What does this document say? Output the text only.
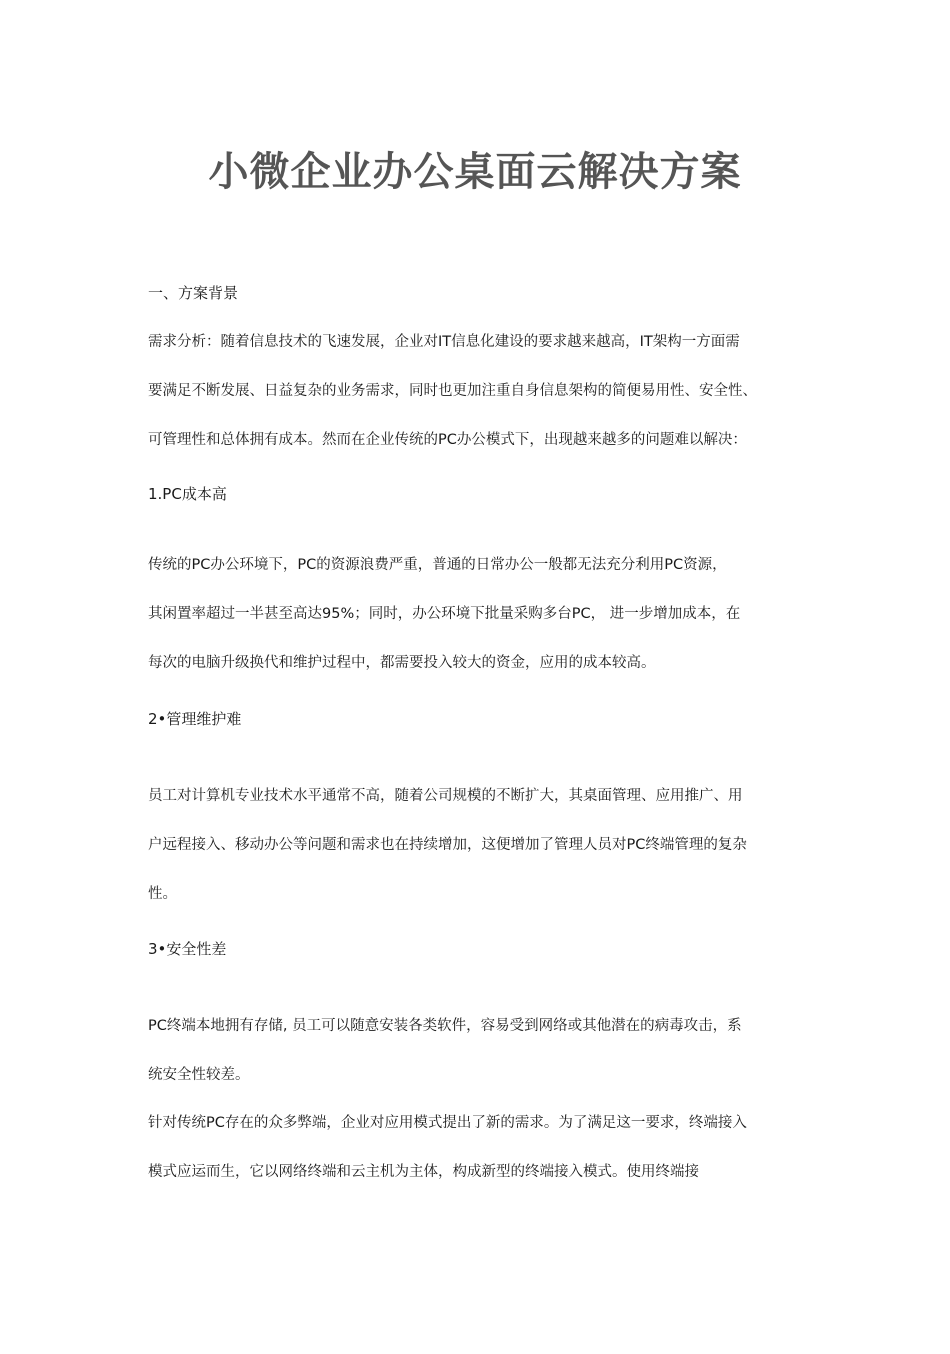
小微企业办公桌面云解决方案
一、方案背景
需求分析：随着信息技术的飞速发展，企业对IT信息化建设的要求越来越高，IT架构一方面需
要满足不断发展、日益复杂的业务需求，同时也更加注重自身信息架构的简便易用性、安全性、
可管理性和总体拥有成本。然而在企业传统的PC办公模式下，出现越来越多的问题难以解决：
1.PC成本高
传统的PC办公环境下，PC的资源浪费严重，普通的日常办公一般都无法充分利用PC资源，
其闲置率超过一半甚至高达95%；同时，办公环境下批量采购多台PC， 进一步增加成本，在
每次的电脑升级换代和维护过程中，都需要投入较大的资金，应用的成本较高。
2•管理维护难
员工对计算机专业技术水平通常不高，随着公司规模的不断扩大，其桌面管理、应用推广、用
户远程接入、移动办公等问题和需求也在持续增加，这便增加了管理人员对PC终端管理的复杂
性。
3•安全性差
PC终端本地拥有存储, 员工可以随意安装各类软件，容易受到网络或其他潜在的病毒攻击，系
统安全性较差。
针对传统PC存在的众多弊端，企业对应用模式提出了新的需求。为了满足这一要求，终端接入
模式应运而生，它以网络终端和云主机为主体，构成新型的终端接入模式。使用终端接
